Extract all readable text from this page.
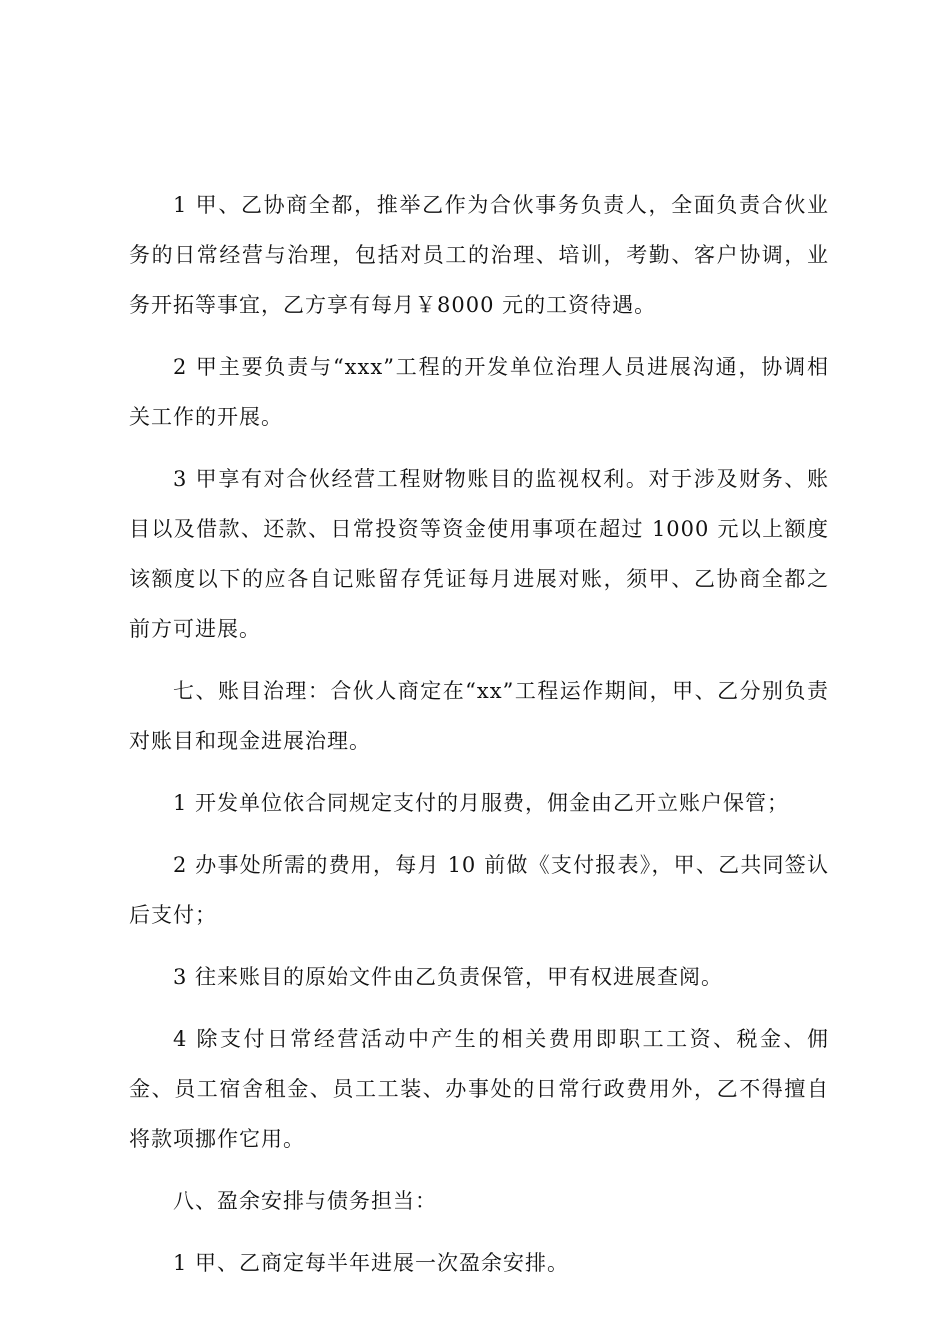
1 甲、乙协商全都，推举乙作为合伙事务负责人，全面负责合伙业务的日常经营与治理，包括对员工的治理、培训，考勤、客户协调，业务开拓等事宜，乙方享有每月￥8000 元的工资待遇。

2 甲主要负责与“xxx”工程的开发单位治理人员进展沟通，协调相关工作的开展。

3 甲享有对合伙经营工程财物账目的监视权利。对于涉及财务、账目以及借款、还款、日常投资等资金使用事项在超过 1000 元以上额度该额度以下的应各自记账留存凭证每月进展对账，须甲、乙协商全都之前方可进展。

七、账目治理：合伙人商定在“xx”工程运作期间，甲、乙分别负责对账目和现金进展治理。

1 开发单位依合同规定支付的月服费，佣金由乙开立账户保管；

2 办事处所需的费用，每月 10 前做《支付报表》，甲、乙共同签认后支付；

3 往来账目的原始文件由乙负责保管，甲有权进展查阅。

4 除支付日常经营活动中产生的相关费用即职工工资、税金、佣金、员工宿舍租金、员工工装、办事处的日常行政费用外，乙不得擅自将款项挪作它用。

八、盈余安排与债务担当：

1 甲、乙商定每半年进展一次盈余安排。
